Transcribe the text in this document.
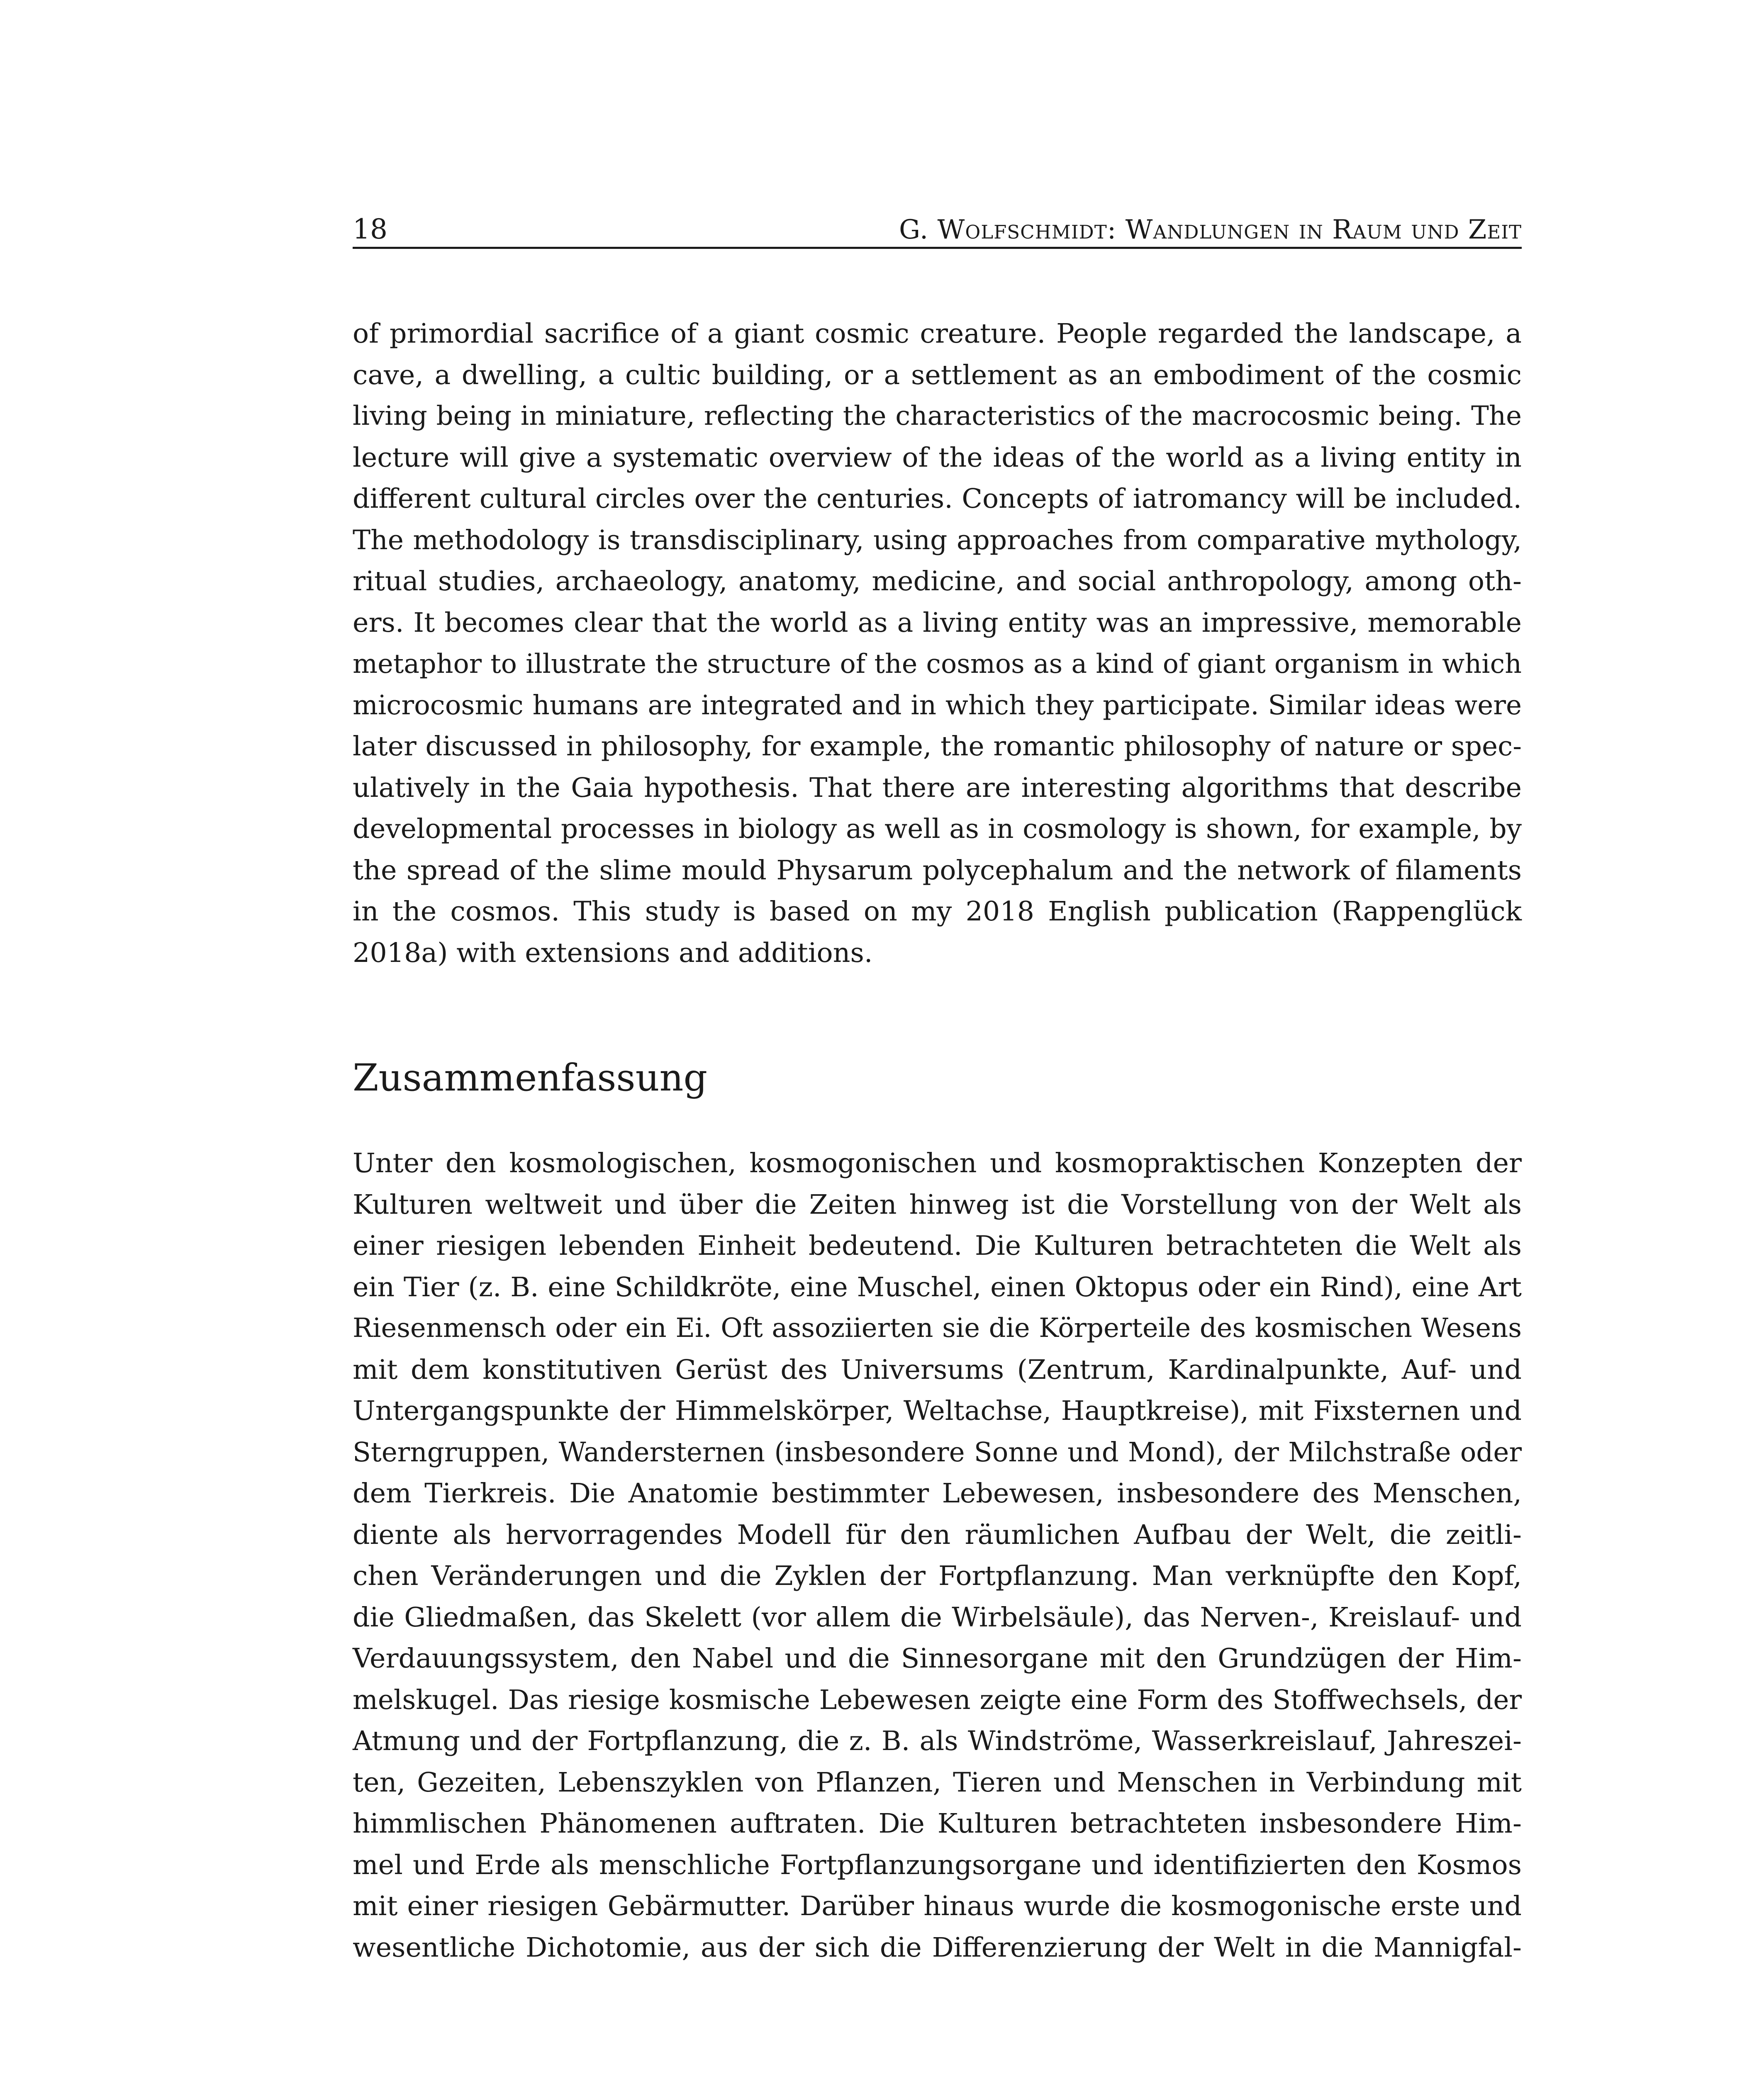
18	G. Wolfschmidt: Wandlungen in Raum und Zeit
of primordial sacrifice of a giant cosmic creature. People regarded the landscape, a
cave, a dwelling, a cultic building, or a settlement as an embodiment of the cosmic
living being in miniature, reflecting the characteristics of the macrocosmic being. The
lecture will give a systematic overview of the ideas of the world as a living entity in
different cultural circles over the centuries. Concepts of iatromancy will be included.
The methodology is transdisciplinary, using approaches from comparative mythology,
ritual studies, archaeology, anatomy, medicine, and social anthropology, among oth-
ers. It becomes clear that the world as a living entity was an impressive, memorable
metaphor to illustrate the structure of the cosmos as a kind of giant organism in which
microcosmic humans are integrated and in which they participate. Similar ideas were
later discussed in philosophy, for example, the romantic philosophy of nature or spec-
ulatively in the Gaia hypothesis. That there are interesting algorithms that describe
developmental processes in biology as well as in cosmology is shown, for example, by
the spread of the slime mould Physarum polycephalum and the network of filaments
in the cosmos. This study is based on my 2018 English publication (Rappenglück
2018a) with extensions and additions.
Zusammenfassung
Unter den kosmologischen, kosmogonischen und kosmopraktischen Konzepten der
Kulturen weltweit und über die Zeiten hinweg ist die Vorstellung von der Welt als
einer riesigen lebenden Einheit bedeutend. Die Kulturen betrachteten die Welt als
ein Tier (z. B. eine Schildkröte, eine Muschel, einen Oktopus oder ein Rind), eine Art
Riesenmensch oder ein Ei. Oft assoziierten sie die Körperteile des kosmischen Wesens
mit dem konstitutiven Gerüst des Universums (Zentrum, Kardinalpunkte, Auf- und
Untergangspunkte der Himmelskörper, Weltachse, Hauptkreise), mit Fixsternen und
Sterngruppen, Wandersternen (insbesondere Sonne und Mond), der Milchstraße oder
dem Tierkreis. Die Anatomie bestimmter Lebewesen, insbesondere des Menschen,
diente als hervorragendes Modell für den räumlichen Aufbau der Welt, die zeitli-
chen Veränderungen und die Zyklen der Fortpflanzung. Man verknüpfte den Kopf,
die Gliedmaßen, das Skelett (vor allem die Wirbelsäule), das Nerven-, Kreislauf- und
Verdauungssystem, den Nabel und die Sinnesorgane mit den Grundzügen der Him-
melskugel. Das riesige kosmische Lebewesen zeigte eine Form des Stoffwechsels, der
Atmung und der Fortpflanzung, die z. B. als Windströme, Wasserkreislauf, Jahreszei-
ten, Gezeiten, Lebenszyklen von Pflanzen, Tieren und Menschen in Verbindung mit
himmlischen Phänomenen auftraten. Die Kulturen betrachteten insbesondere Him-
mel und Erde als menschliche Fortpflanzungsorgane und identifizierten den Kosmos
mit einer riesigen Gebärmutter. Darüber hinaus wurde die kosmogonische erste und
wesentliche Dichotomie, aus der sich die Differenzierung der Welt in die Mannigfal-
